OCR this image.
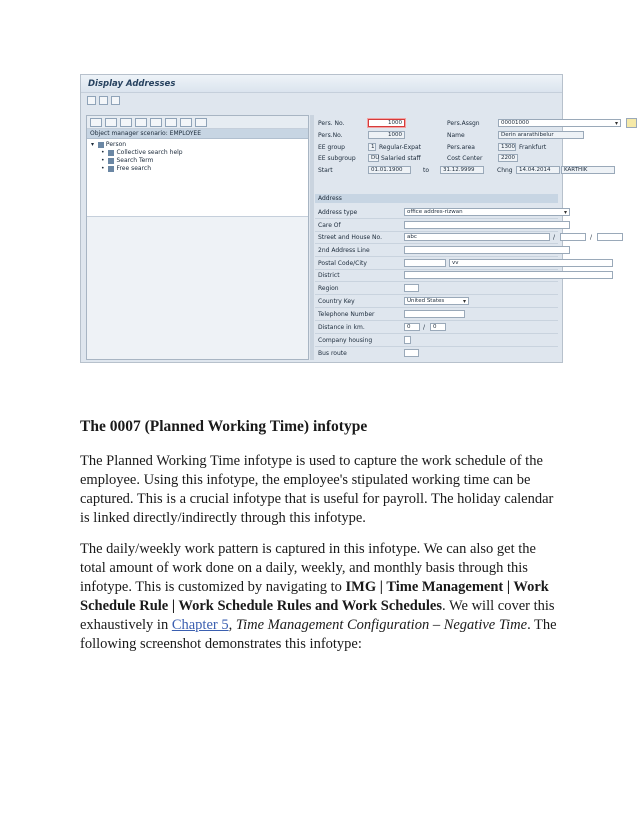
Display Addresses
Object manager scenario: EMPLOYEE
▾ Person
• Collective search help
• Search Term
• Free search
Pers. No.	1000
Pers.No.	1000
EE group	1 Regular-Expat
EE subgroup	DU Salaried staff
Start	01.01.1900	to	31.12.9999
Pers.Assgn	00001000 ▾
Name	Derin ararathibelur
Pers.area	1300 Frankfurt
Cost Center	2200
Chng	14.04.2014	KARTHIK
Address
Address type	office addres-rizwan ▾
Care Of
Street and House No.	abc	/	/
2nd Address Line
Postal Code/City	vv
District
Region
Country Key	United States ▾
Telephone Number
Distance in km.	0	/	0
Company housing
Bus route
The 0007 (Planned Working Time) infotype

The Planned Working Time infotype is used to capture the work schedule of the employee. Using this infotype, the employee's stipulated working time can be captured. This is a crucial infotype that is useful for payroll. The holiday calendar is linked directly/indirectly through this infotype.

The daily/weekly work pattern is captured in this infotype. We can also get the total amount of work done on a daily, weekly, and monthly basis through this infotype. This is customized by navigating to IMG | Time Management | Work Schedule Rule | Work Schedule Rules and Work Schedules. We will cover this exhaustively in Chapter 5, Time Management Configuration – Negative Time. The following screenshot demonstrates this infotype:
